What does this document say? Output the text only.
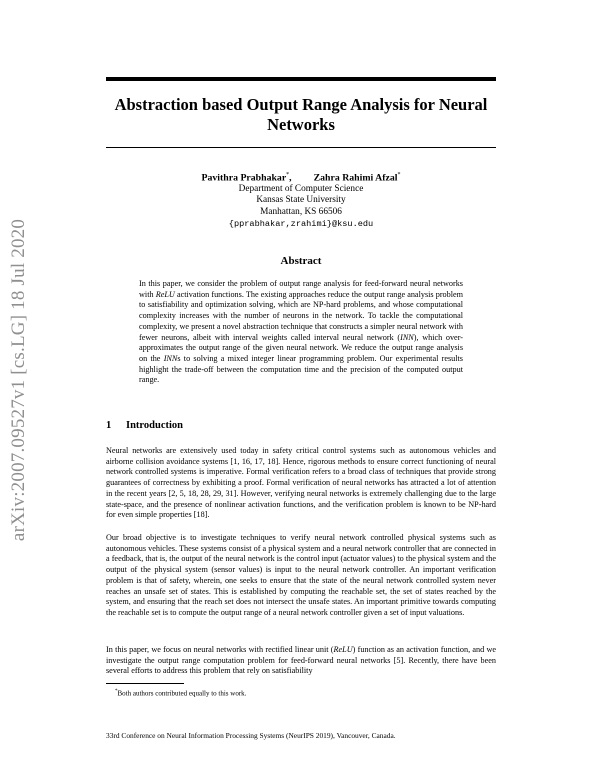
arXiv:2007.09527v1 [cs.LG] 18 Jul 2020
Abstraction based Output Range Analysis for Neural
Networks
Pavithra Prabhakar*, Zahra Rahimi Afzal*
Department of Computer Science
Kansas State University
Manhattan, KS 66506
{pprabhakar,zrahimi}@ksu.edu
Abstract
In this paper, we consider the problem of output range analysis for feed-forward neural networks with ReLU activation functions. The existing approaches reduce the output range analysis problem to satisfiability and optimization solving, which are NP-hard problems, and whose computational complexity increases with the number of neurons in the network. To tackle the computational complexity, we present a novel abstraction technique that constructs a simpler neural network with fewer neurons, albeit with interval weights called interval neural network (INN), which over-approximates the output range of the given neural network. We reduce the output range analysis on the INNs to solving a mixed integer linear programming problem. Our experimental results highlight the trade-off between the computation time and the precision of the computed output range.
1 Introduction
Neural networks are extensively used today in safety critical control systems such as autonomous vehicles and airborne collision avoidance systems [1, 16, 17, 18]. Hence, rigorous methods to ensure correct functioning of neural network controlled systems is imperative. Formal verification refers to a broad class of techniques that provide strong guarantees of correctness by exhibiting a proof. Formal verification of neural networks has attracted a lot of attention in the recent years [2, 5, 18, 28, 29, 31]. However, verifying neural networks is extremely challenging due to the large state-space, and the presence of nonlinear activation functions, and the verification problem is known to be NP-hard for even simple properties [18].
Our broad objective is to investigate techniques to verify neural network controlled physical systems such as autonomous vehicles. These systems consist of a physical system and a neural network controller that are connected in a feedback, that is, the output of the neural network is the control input (actuator values) to the physical system and the output of the physical system (sensor values) is input to the neural network controller. An important verification problem is that of safety, wherein, one seeks to ensure that the state of the neural network controlled system never reaches an unsafe set of states. This is established by computing the reachable set, the set of states reached by the system, and ensuring that the reach set does not intersect the unsafe states. An important primitive towards computing the reachable set is to compute the output range of a neural network controller given a set of input valuations.
In this paper, we focus on neural networks with rectified linear unit (ReLU) function as an activation function, and we investigate the output range computation problem for feed-forward neural networks [5]. Recently, there have been several efforts to address this problem that rely on satisfiability
*Both authors contributed equally to this work.
33rd Conference on Neural Information Processing Systems (NeurIPS 2019), Vancouver, Canada.
